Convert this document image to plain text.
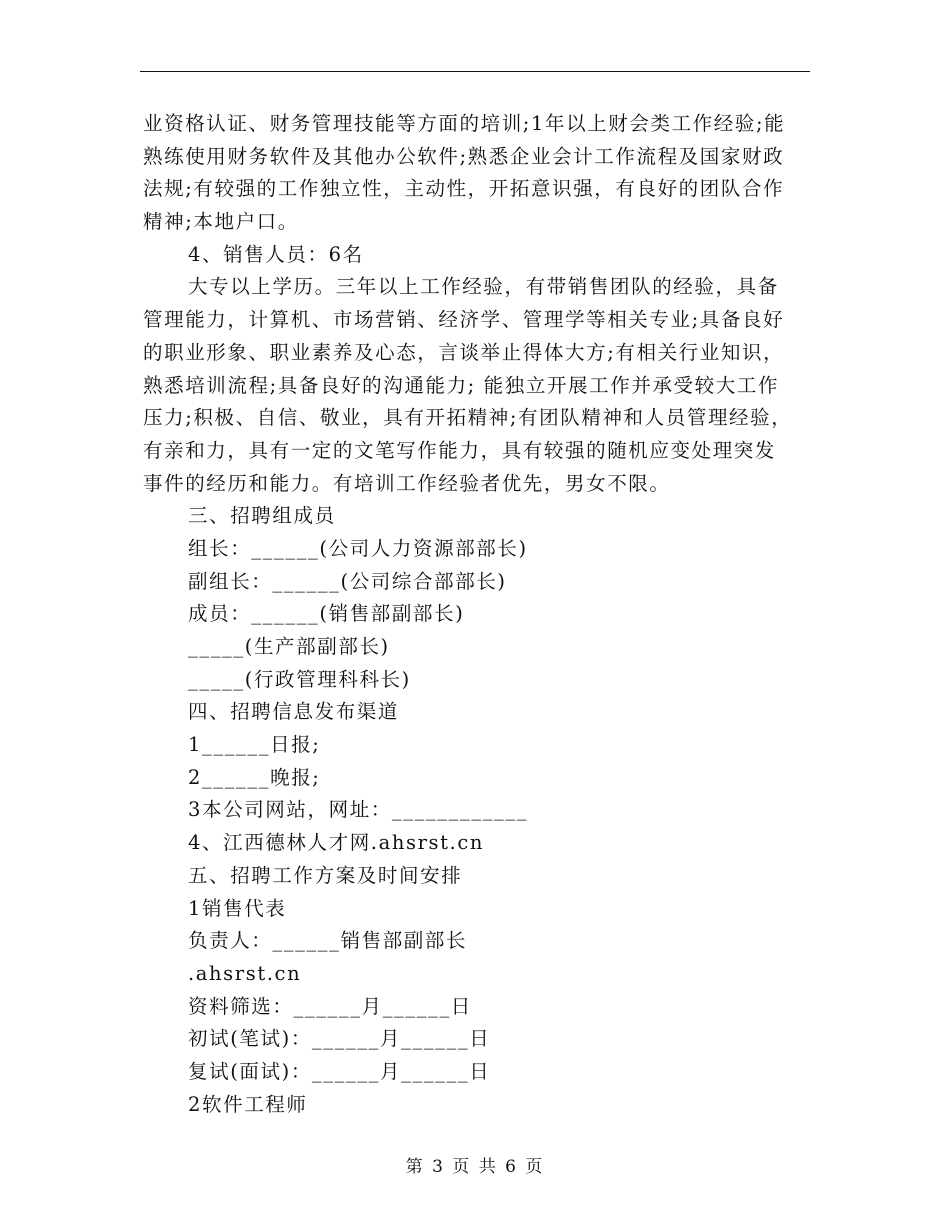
业资格认证、财务管理技能等方面的培训;1年以上财会类工作经验;能
熟练使用财务软件及其他办公软件;熟悉企业会计工作流程及国家财政
法规;有较强的工作独立性，主动性，开拓意识强，有良好的团队合作
精神;本地户口。
4、销售人员：6名
大专以上学历。三年以上工作经验，有带销售团队的经验，具备
管理能力，计算机、市场营销、经济学、管理学等相关专业;具备良好
的职业形象、职业素养及心态，言谈举止得体大方;有相关行业知识，
熟悉培训流程;具备良好的沟通能力; 能独立开展工作并承受较大工作
压力;积极、自信、敬业，具有开拓精神;有团队精神和人员管理经验，
有亲和力，具有一定的文笔写作能力，具有较强的随机应变处理突发
事件的经历和能力。有培训工作经验者优先，男女不限。
三、招聘组成员
组长：______(公司人力资源部部长)
副组长：______(公司综合部部长)
成员：______(销售部副部长)
_____(生产部副部长)
_____(行政管理科科长)
四、招聘信息发布渠道
1______日报;
2______晚报;
3本公司网站，网址：____________
4、江西德林人才网.ahsrst.cn
五、招聘工作方案及时间安排
1销售代表
负责人：______销售部副部长
.ahsrst.cn
资料筛选：______月______日
初试(笔试)：______月______日
复试(面试)：______月______日
2软件工程师
第 3 页 共 6 页
